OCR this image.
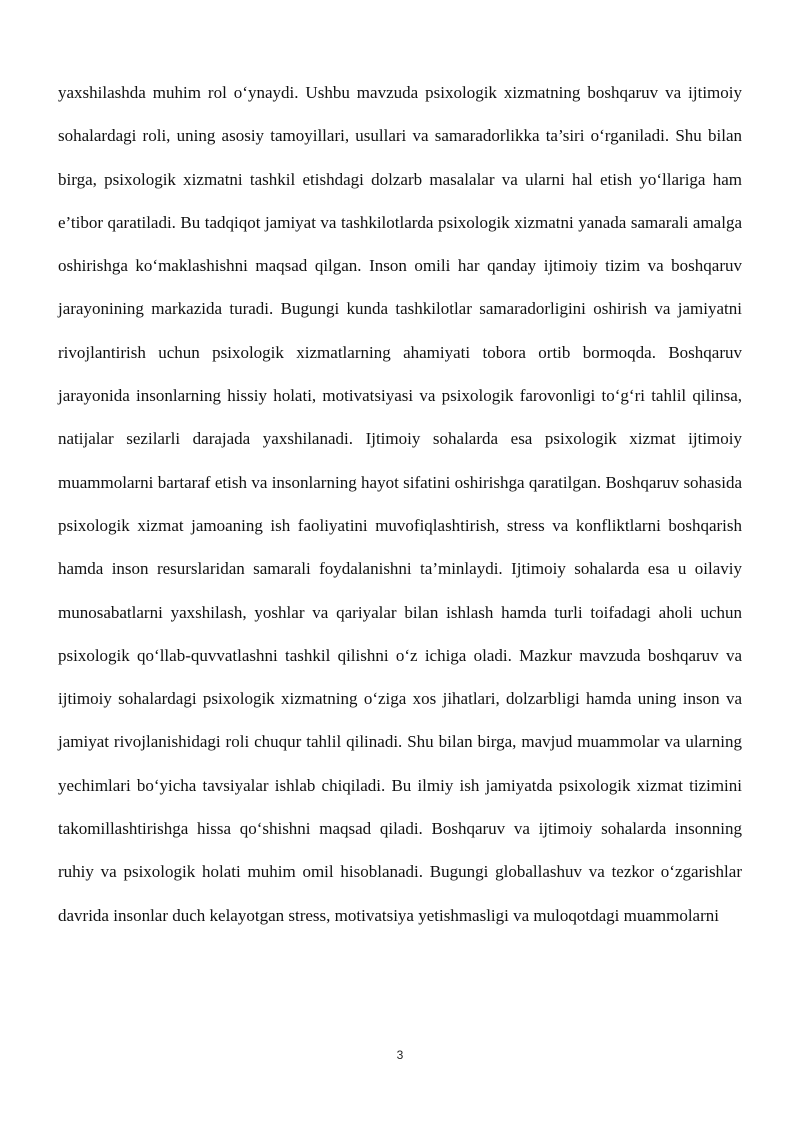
yaxshilashda muhim rol o‘ynaydi. Ushbu mavzuda psixologik xizmatning boshqaruv va ijtimoiy sohalardagi roli, uning asosiy tamoyillari, usullari va samaradorlikka ta’siri o‘rganiladi. Shu bilan birga, psixologik xizmatni tashkil etishdagi dolzarb masalalar va ularni hal etish yo‘llariga ham e’tibor qaratiladi. Bu tadqiqot jamiyat va tashkilotlarda psixologik xizmatni yanada samarali amalga oshirishga ko‘maklashishni maqsad qilgan. Inson omili har qanday ijtimoiy tizim va boshqaruv jarayonining markazida turadi. Bugungi kunda tashkilotlar samaradorligini oshirish va jamiyatni rivojlantirish uchun psixologik xizmatlarning ahamiyati tobora ortib bormoqda. Boshqaruv jarayonida insonlarning hissiy holati, motivatsiyasi va psixologik farovonligi to‘g‘ri tahlil qilinsa, natijalar sezilarli darajada yaxshilanadi. Ijtimoiy sohalarda esa psixologik xizmat ijtimoiy muammolarni bartaraf etish va insonlarning hayot sifatini oshirishga qaratilgan. Boshqaruv sohasida psixologik xizmat jamoaning ish faoliyatini muvofiqlashtirish, stress va konfliktlarni boshqarish hamda inson resurslaridan samarali foydalanishni ta’minlaydi. Ijtimoiy sohalarda esa u oilaviy munosabatlarni yaxshilash, yoshlar va qariyalar bilan ishlash hamda turli toifadagi aholi uchun psixologik qo‘llab-quvvatlashni tashkil qilishni o‘z ichiga oladi. Mazkur mavzuda boshqaruv va ijtimoiy sohalardagi psixologik xizmatning o‘ziga xos jihatlari, dolzarbligi hamda uning inson va jamiyat rivojlanishidagi roli chuqur tahlil qilinadi. Shu bilan birga, mavjud muammolar va ularning yechimlari bo‘yicha tavsiyalar ishlab chiqiladi. Bu ilmiy ish jamiyatda psixologik xizmat tizimini takomillashtirishga hissa qo‘shishni maqsad qiladi. Boshqaruv va ijtimoiy sohalarda insonning ruhiy va psixologik holati muhim omil hisoblanadi. Bugungi globallashuv va tezkor o‘zgarishlar davrida insonlar duch kelayotgan stress, motivatsiya yetishmasligi va muloqotdagi muammolarni

3
